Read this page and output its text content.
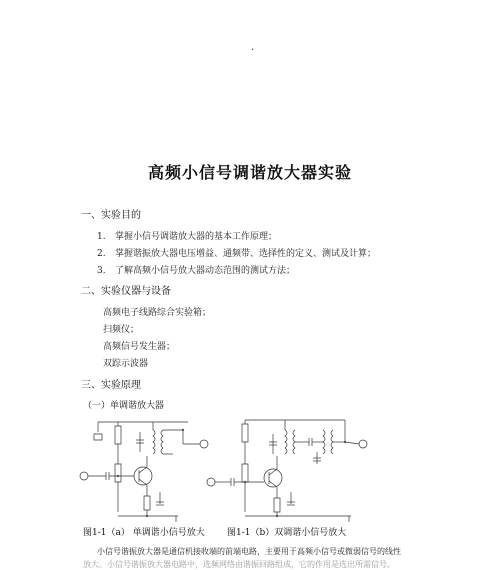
.
高频小信号调谐放大器实验
一、实验目的
1. 掌握小信号调谐放大器的基本工作原理；
2. 掌握谐振放大器电压增益、通频带、选择性的定义、测试及计算；
3. 了解高频小信号放大器动态范围的测试方法；
二、实验仪器与设备
高频电子线路综合实验箱；
扫频仪；
高频信号发生器；
双踪示波器
三、实验原理
（一）单调谐放大器
图1-1（a） 单调谐小信号放大 图1-1（b）双调谐小信号放大
小信号谐振放大器是通信机接收端的前端电路，主要用于高频小信号或微弱信号的线性
放大。小信号谐振放大器电路中，选频网络由谐振回路组成，它的作用是选出所需信号。
